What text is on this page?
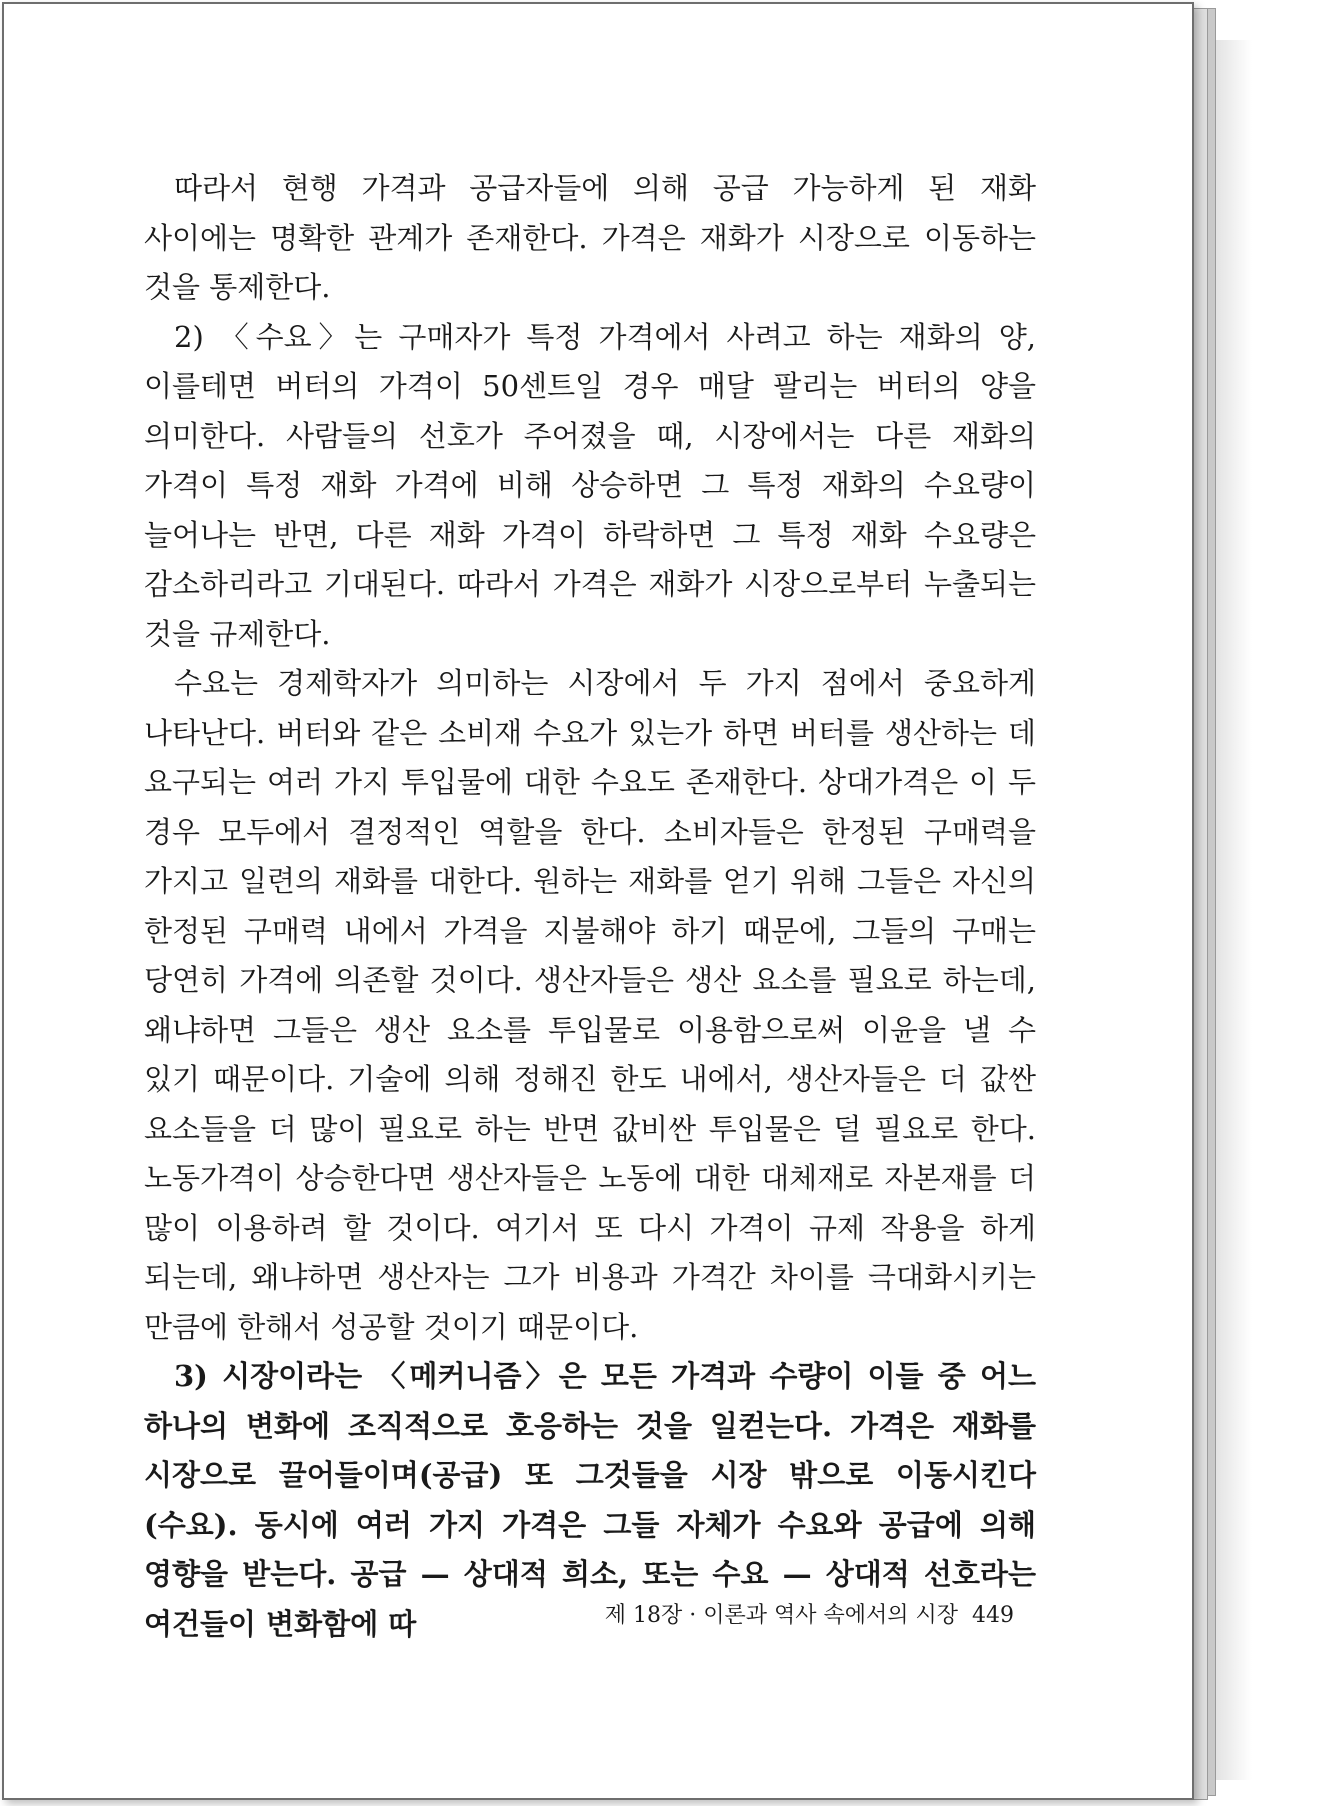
따라서 현행 가격과 공급자들에 의해 공급 가능하게 된 재화 사이에는 명확한 관계가 존재한다. 가격은 재화가 시장으로 이동하는 것을 통제한다.

2) 〈수요〉는 구매자가 특정 가격에서 사려고 하는 재화의 양, 이를테면 버터의 가격이 50센트일 경우 매달 팔리는 버터의 양을 의미한다. 사람들의 선호가 주어졌을 때, 시장에서는 다른 재화의 가격이 특정 재화 가격에 비해 상승하면 그 특정 재화의 수요량이 늘어나는 반면, 다른 재화 가격이 하락하면 그 특정 재화 수요량은 감소하리라고 기대된다. 따라서 가격은 재화가 시장으로부터 누출되는 것을 규제한다.

수요는 경제학자가 의미하는 시장에서 두 가지 점에서 중요하게 나타난다. 버터와 같은 소비재 수요가 있는가 하면 버터를 생산하는 데 요구되는 여러 가지 투입물에 대한 수요도 존재한다. 상대가격은 이 두 경우 모두에서 결정적인 역할을 한다. 소비자들은 한정된 구매력을 가지고 일련의 재화를 대한다. 원하는 재화를 얻기 위해 그들은 자신의 한정된 구매력 내에서 가격을 지불해야 하기 때문에, 그들의 구매는 당연히 가격에 의존할 것이다. 생산자들은 생산 요소를 필요로 하는데, 왜냐하면 그들은 생산 요소를 투입물로 이용함으로써 이윤을 낼 수 있기 때문이다. 기술에 의해 정해진 한도 내에서, 생산자들은 더 값싼 요소들을 더 많이 필요로 하는 반면 값비싼 투입물은 덜 필요로 한다. 노동가격이 상승한다면 생산자들은 노동에 대한 대체재로 자본재를 더 많이 이용하려 할 것이다. 여기서 또 다시 가격이 규제 작용을 하게 되는데, 왜냐하면 생산자는 그가 비용과 가격간 차이를 극대화시키는 만큼에 한해서 성공할 것이기 때문이다.

3) 시장이라는 〈메커니즘〉은 모든 가격과 수량이 이들 중 어느 하나의 변화에 조직적으로 호응하는 것을 일컫는다. 가격은 재화를 시장으로 끌어들이며(공급) 또 그것들을 시장 밖으로 이동시킨다(수요). 동시에 여러 가지 가격은 그들 자체가 수요와 공급에 의해 영향을 받는다. 공급 — 상대적 희소, 또는 수요 — 상대적 선호라는 여건들이 변화함에 따	제 18장 · 이론과 역사 속에서의 시장 449
